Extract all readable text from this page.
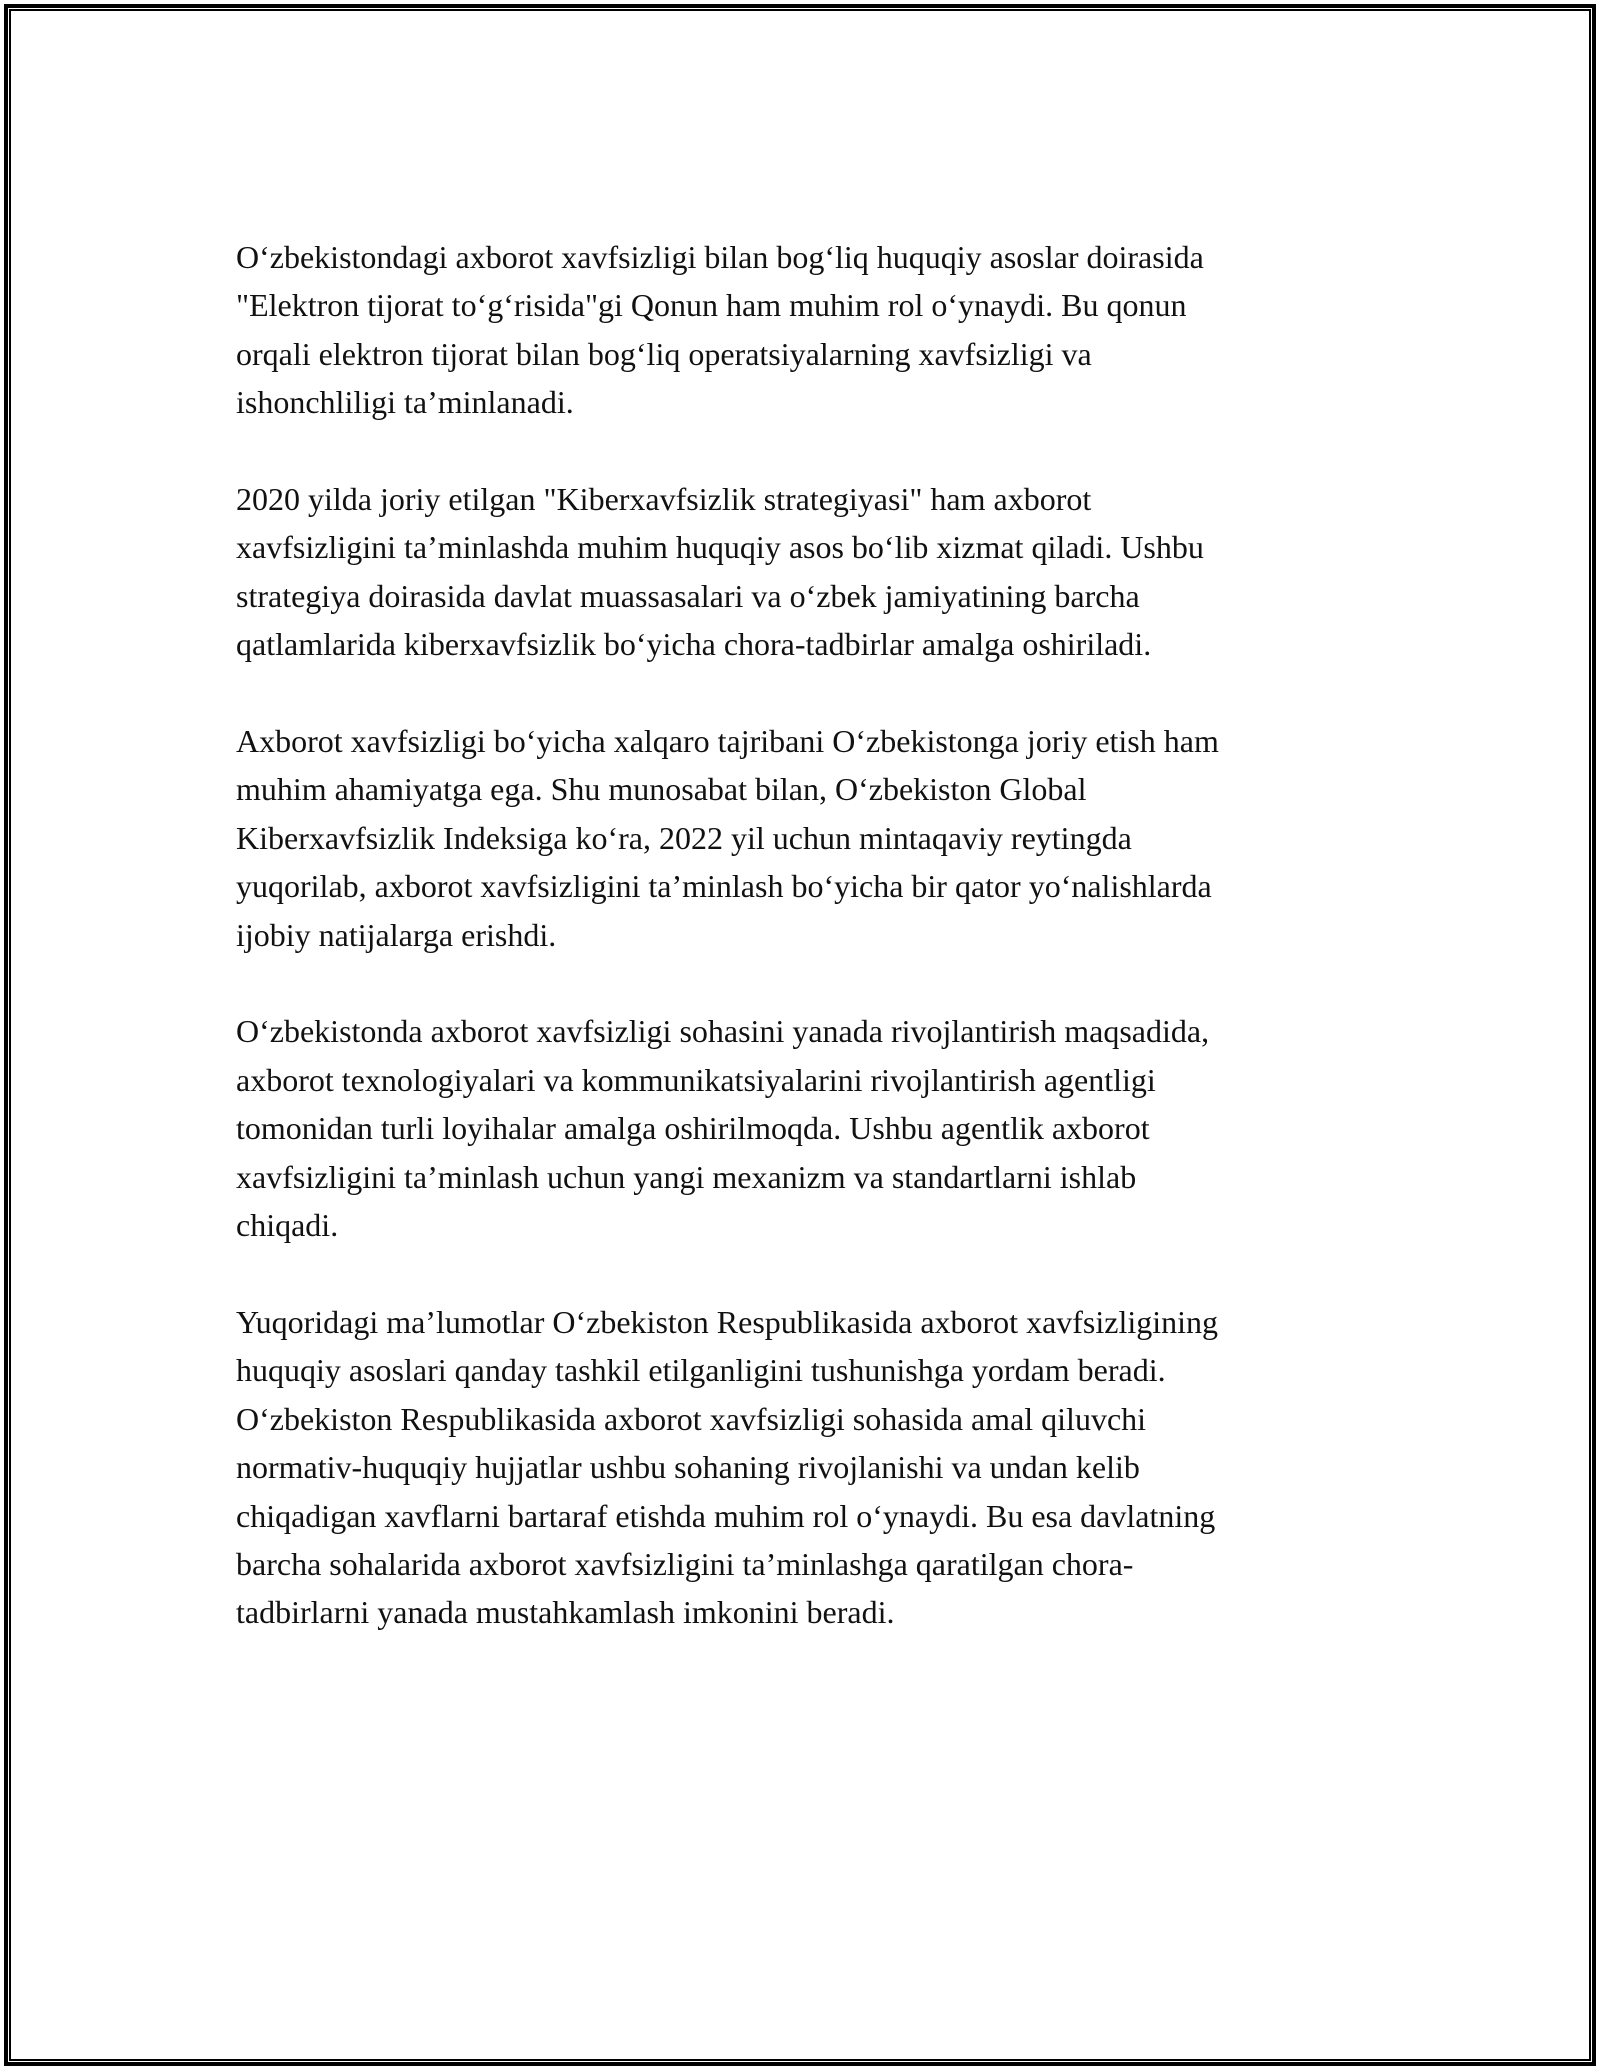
O‘zbekistondagi axborot xavfsizligi bilan bog‘liq huquqiy asoslar doirasida
"Elektron tijorat to‘g‘risida"gi Qonun ham muhim rol o‘ynaydi. Bu qonun
orqali elektron tijorat bilan bog‘liq operatsiyalarning xavfsizligi va
ishonchliligi ta’minlanadi.

2020 yilda joriy etilgan "Kiberxavfsizlik strategiyasi" ham axborot
xavfsizligini ta’minlashda muhim huquqiy asos bo‘lib xizmat qiladi. Ushbu
strategiya doirasida davlat muassasalari va o‘zbek jamiyatining barcha
qatlamlarida kiberxavfsizlik bo‘yicha chora-tadbirlar amalga oshiriladi.

Axborot xavfsizligi bo‘yicha xalqaro tajribani O‘zbekistonga joriy etish ham
muhim ahamiyatga ega. Shu munosabat bilan, O‘zbekiston Global
Kiberxavfsizlik Indeksiga ko‘ra, 2022 yil uchun mintaqaviy reytingda
yuqorilab, axborot xavfsizligini ta’minlash bo‘yicha bir qator yo‘nalishlarda
ijobiy natijalarga erishdi.

O‘zbekistonda axborot xavfsizligi sohasini yanada rivojlantirish maqsadida,
axborot texnologiyalari va kommunikatsiyalarini rivojlantirish agentligi
tomonidan turli loyihalar amalga oshirilmoqda. Ushbu agentlik axborot
xavfsizligini ta’minlash uchun yangi mexanizm va standartlarni ishlab
chiqadi.

Yuqoridagi ma’lumotlar O‘zbekiston Respublikasida axborot xavfsizligining
huquqiy asoslari qanday tashkil etilganligini tushunishga yordam beradi.
O‘zbekiston Respublikasida axborot xavfsizligi sohasida amal qiluvchi
normativ-huquqiy hujjatlar ushbu sohaning rivojlanishi va undan kelib
chiqadigan xavflarni bartaraf etishda muhim rol o‘ynaydi. Bu esa davlatning
barcha sohalarida axborot xavfsizligini ta’minlashga qaratilgan chora-
tadbirlarni yanada mustahkamlash imkonini beradi.
